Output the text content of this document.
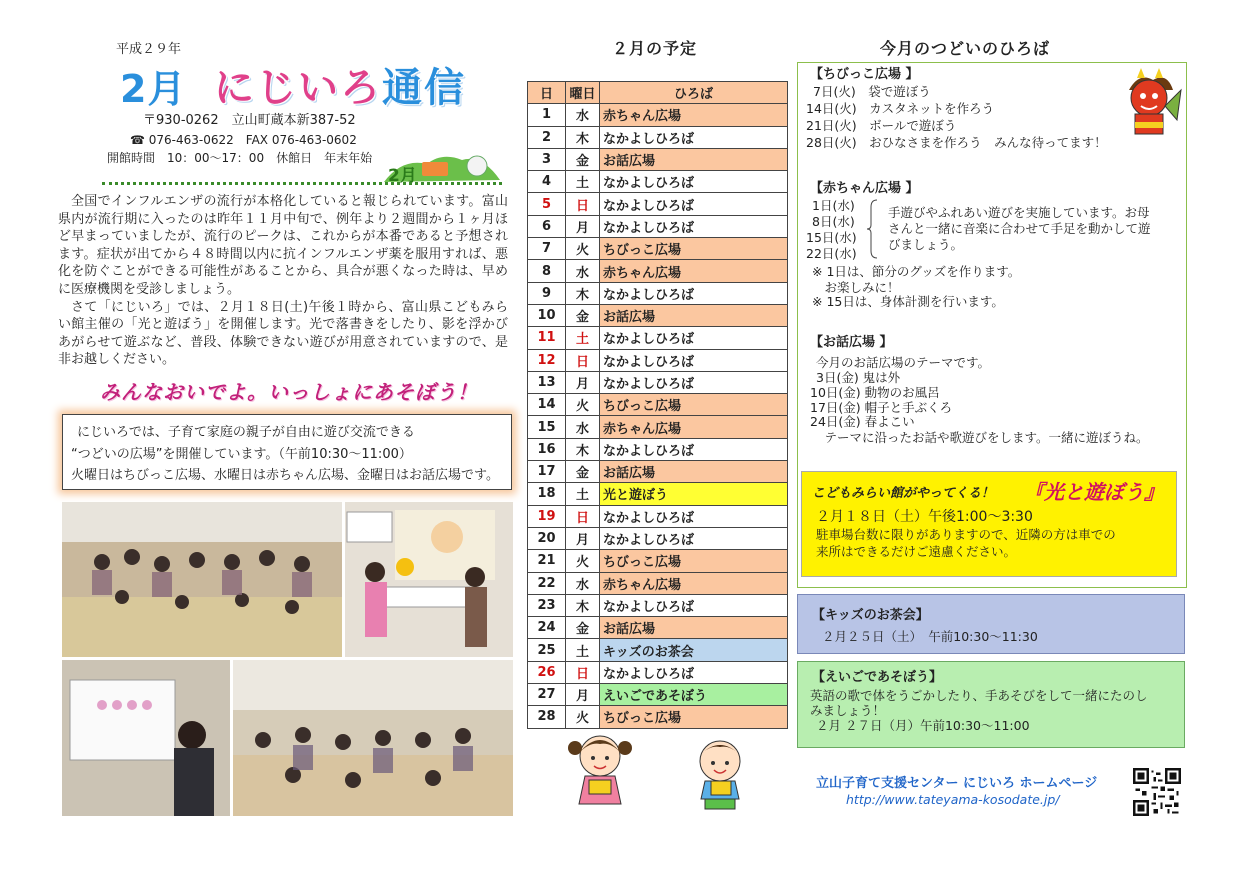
平成２９年
2月 にじいろ通信
〒930-0262　立山町蔵本新387-52
☎ 076-463-0622　FAX 076-463-0602
開館時間　10：00～17：00　休館日　年末年始
2月

全国でインフルエンザの流行が本格化していると報じられています。富山県内が流行期に入ったのは昨年１１月中旬で、例年より２週間から１ヶ月ほど早まっていましたが、流行のピークは、これからが本番であると予想されます。症状が出てから４８時間以内に抗インフルエンザ薬を服用すれば、悪化を防ぐことができる可能性があることから、具合が悪くなった時は、早めに医療機関を受診しましょう。

さて「にじいろ」では、２月１８日(土)午後１時から、富山県こどもみらい館主催の「光と遊ぼう」を開催します。光で落書きをしたり、影を浮かびあがらせて遊ぶなど、普段、体験できない遊びが用意されていますので、是非お越しください。

みんなおいでよ。いっしょにあそぼう！
にじいろでは、子育て家庭の親子が自由に遊び交流できる
“つどいの広場”を開催しています。（午前10:30～11:00）
火曜日はちびっこ広場、水曜日は赤ちゃん広場、金曜日はお話広場です。
２月の予定
日	曜日	ひろば
1	水	赤ちゃん広場
2	木	なかよしひろば
3	金	お話広場
4	土	なかよしひろば
5	日	なかよしひろば
6	月	なかよしひろば
7	火	ちびっこ広場
8	水	赤ちゃん広場
9	木	なかよしひろば
10	金	お話広場
11	土	なかよしひろば
12	日	なかよしひろば
13	月	なかよしひろば
14	火	ちびっこ広場
15	水	赤ちゃん広場
16	木	なかよしひろば
17	金	お話広場
18	土	光と遊ぼう
19	日	なかよしひろば
20	月	なかよしひろば
21	火	ちびっこ広場
22	水	赤ちゃん広場
23	木	なかよしひろば
24	金	お話広場
25	土	キッズのお茶会
26	日	なかよしひろば
27	月	えいごであそぼう
28	火	ちびっこ広場
今月のつどいのひろば
【ちびっこ広場 】
7日(火)　袋で遊ぼう
14日(火)　カスタネットを作ろう
21日(火)　ボールで遊ぼう
28日(火)　おひなさまを作ろう　みんな待ってます！
【赤ちゃん広場 】
1日(水)
8日(水)
15日(水)
22日(水)
手遊びやふれあい遊びを実施しています。お母
さんと一緒に音楽に合わせて手足を動かして遊
びましょう。
※ 1日は、節分のグッズを作ります。
　お楽しみに！
※ 15日は、身体計測を行います。
【お話広場 】
今月のお話広場のテーマです。
3日(金) 鬼は外
10日(金) 動物のお風呂
17日(金) 帽子と手ぶくろ
24日(金) 春よこい
　テーマに沿ったお話や歌遊びをします。一緒に遊ぼうね。
こどもみらい館がやってくる！ 『光と遊ぼう』
２月１８日（土）午後1:00～3:30
駐車場台数に限りがありますので、近隣の方は車での
来所はできるだけご遠慮ください。
【キッズのお茶会】
２月２５日（土）　午前10:30～11:30
【えいごであそぼう】
英語の歌で体をうごかしたり、手あそびをして一緒にたのし
みましょう！
２月 ２７日（月）午前10:30～11:00
立山子育て支援センター にじいろ ホームページ
http://www.tateyama-kosodate.jp/
